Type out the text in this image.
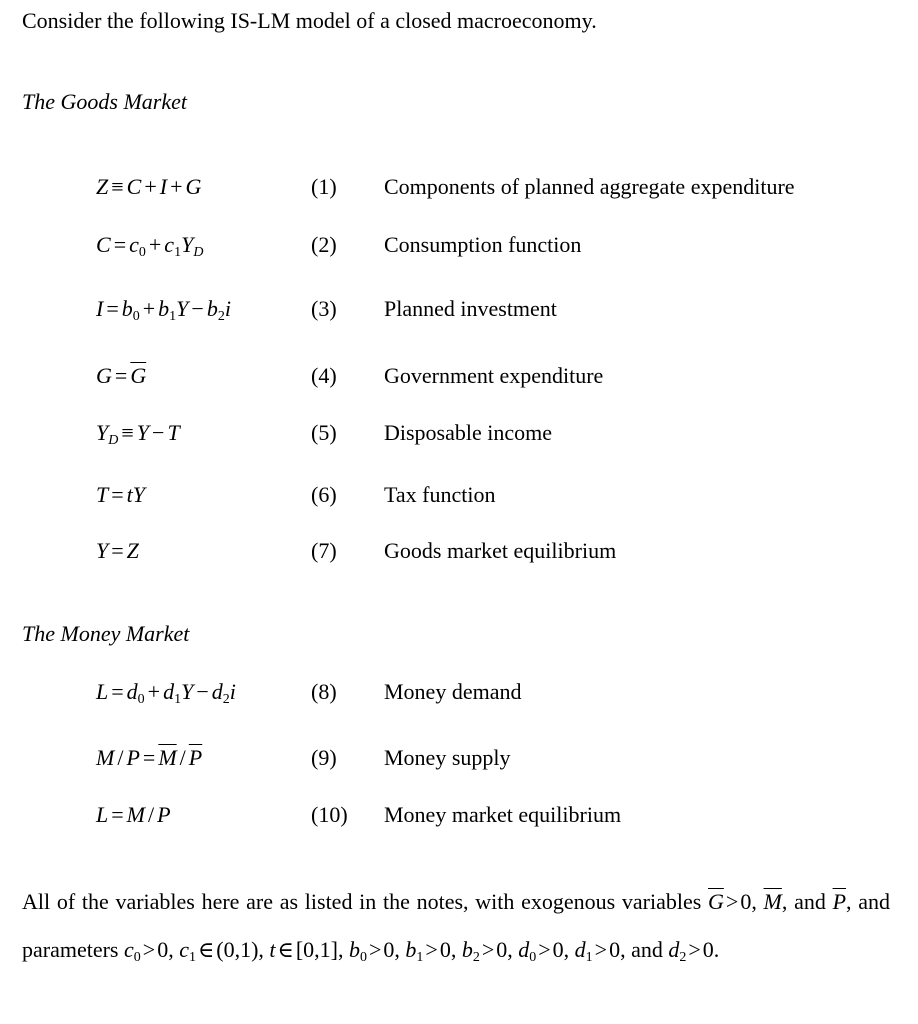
Consider the following IS-LM model of a closed macroeconomy.
The Goods Market
Z ≡ C + I + G	(1) Components of planned aggregate expenditure
$C = c_0 + c_1Y_D$	(2) Consumption function
$I = b_0 + b_1Y - b_2i$	(3) Planned investment
$G = \overline{G}$	(4) Government expenditure
$Y_D \equiv Y - T$	(5) Disposable income
T = tY	(6) Tax function
Y = Z	(7) Goods market equilibrium
The Money Market
$L = d_0 + d_1Y - d_2i$	(8) Money demand
$M / P = \overline{M} / \overline{P}$	(9) Money supply
L = M / P	(10) Money market equilibrium
All of the variables here are as listed in the notes, with exogenous variables $\overline{G}>0$, $\overline{M}$, and $\overline{P}$, and parameters $c_0>0$, $c_1\in(0,1)$, t∈[0,1], $b_0>0$, $b_1>0$, $b_2>0$, $d_0>0$, $d_1>0$, and $d_2>0$.
